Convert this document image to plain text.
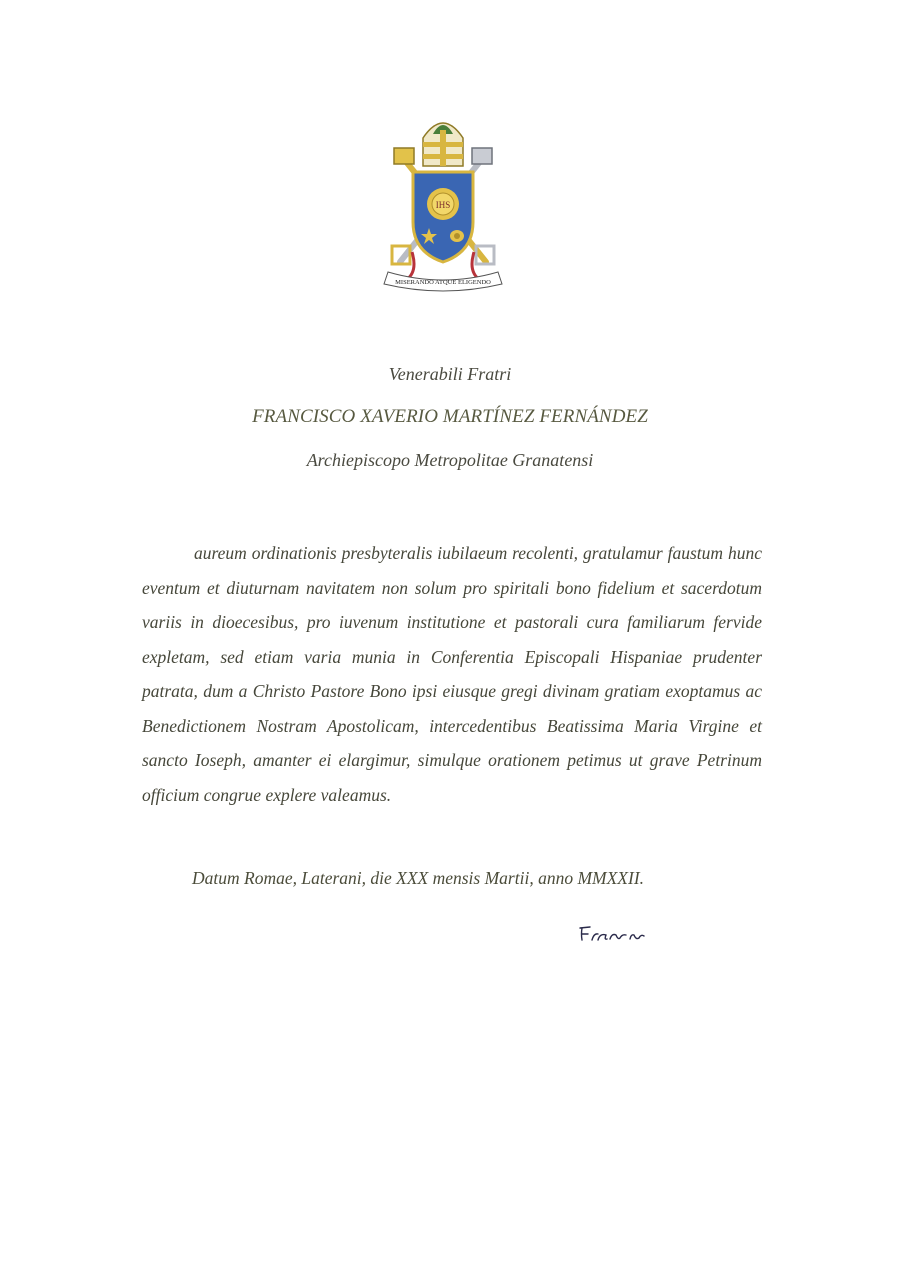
IHS
MISERANDO ATQUE ELIGENDO
Venerabili Fratri
FRANCISCO XAVERIO MARTÍNEZ FERNÁNDEZ
Archiepiscopo Metropolitae Granatensi

aureum ordinationis presbyteralis iubilaeum recolenti, gratulamur faustum hunc eventum et diuturnam navitatem non solum pro spiritali bono fidelium et sacerdotum variis in dioecesibus, pro iuvenum institutione et pastorali cura familiarum fervide expletam, sed etiam varia munia in Conferentia Episcopali Hispaniae prudenter patrata, dum a Christo Pastore Bono ipsi eiusque gregi divinam gratiam exoptamus ac Benedictionem Nostram Apostolicam, intercedentibus Beatissima Maria Virgine et sancto Ioseph, amanter ei elargimur, simulque orationem petimus ut grave Petrinum officium congrue explere valeamus.

Datum Romae, Laterani, die XXX mensis Martii, anno MMXXII.
